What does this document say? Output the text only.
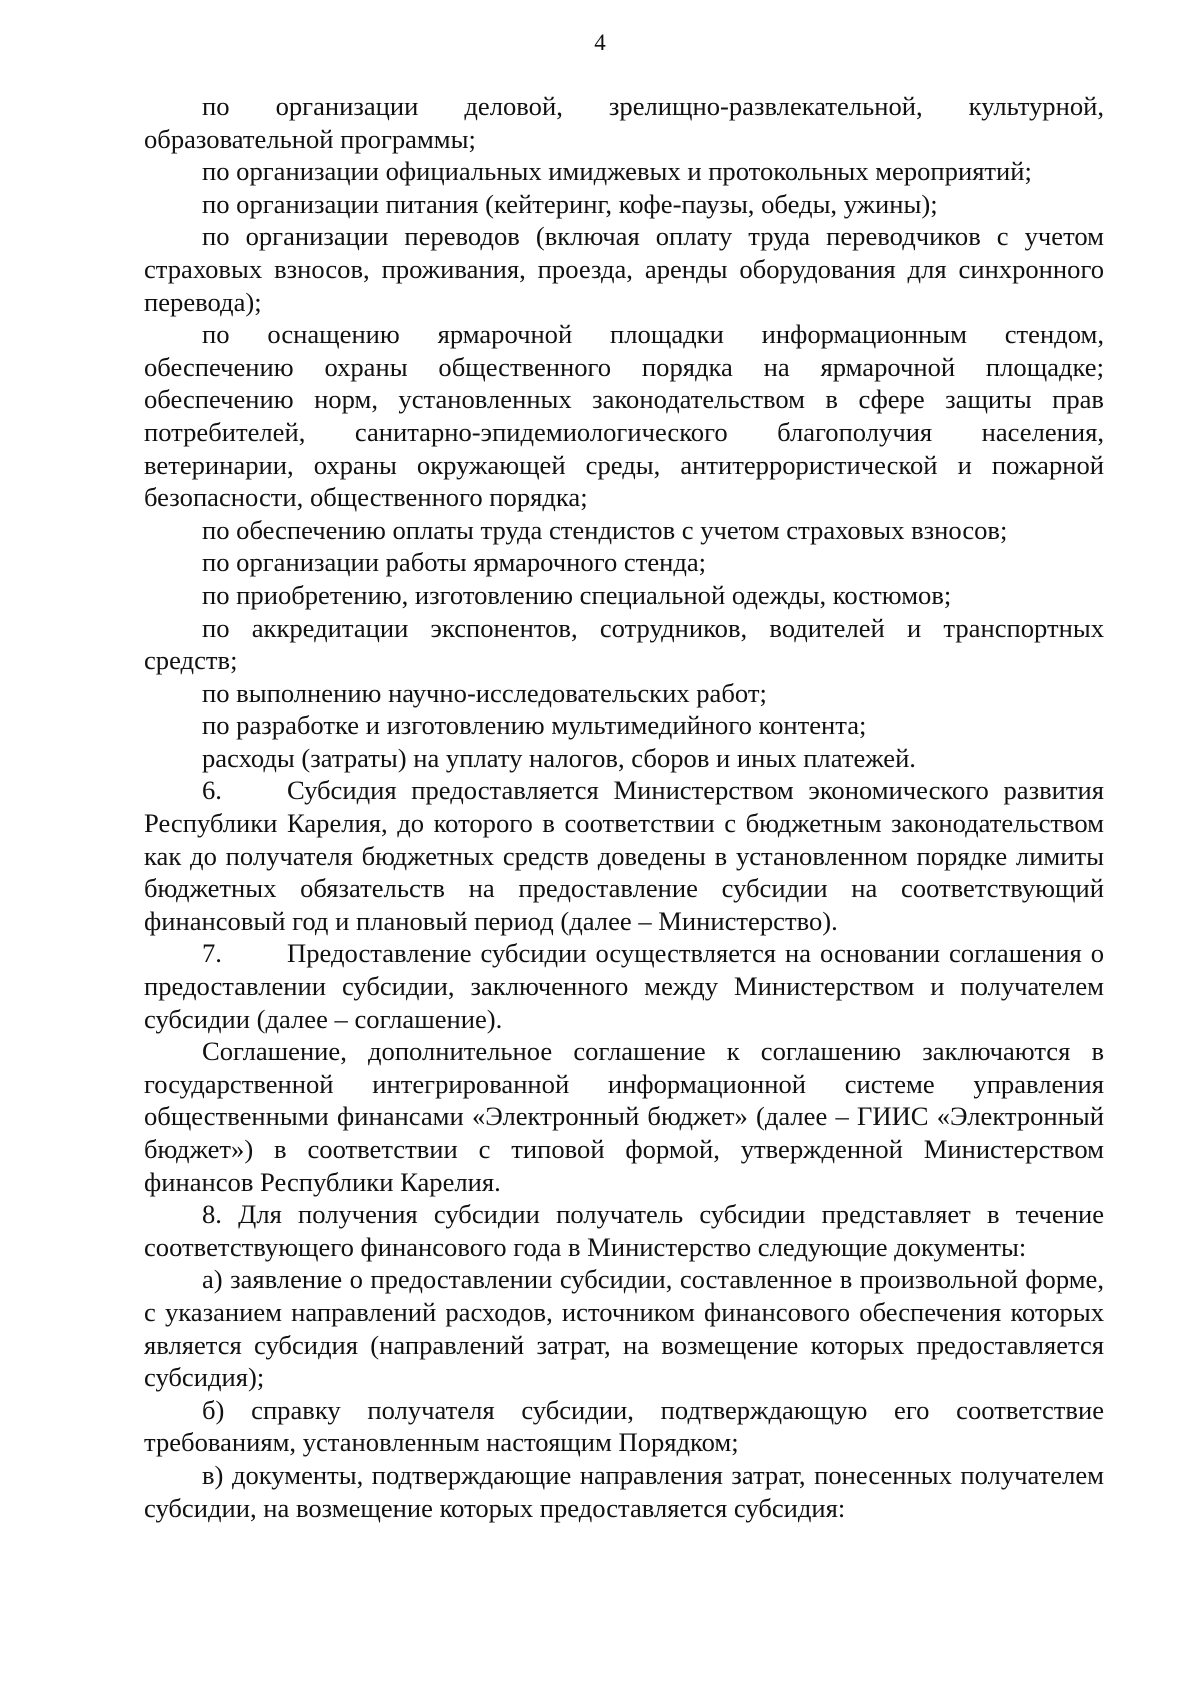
4

по организации деловой, зрелищно-развлекательной, культурной, образовательной программы;

по организации официальных имиджевых и протокольных мероприятий;

по организации питания (кейтеринг, кофе-паузы, обеды, ужины);

по организации переводов (включая оплату труда переводчиков с учетом страховых взносов, проживания, проезда, аренды оборудования для синхронного перевода);

по оснащению ярмарочной площадки информационным стендом, обеспечению охраны общественного порядка на ярмарочной площадке; обеспечению норм, установленных законодательством в сфере защиты прав потребителей, санитарно-эпидемиологического благополучия населения, ветеринарии, охраны окружающей среды, антитеррористической и пожарной безопасности, общественного порядка;

по обеспечению оплаты труда стендистов с учетом страховых взносов;

по организации работы ярмарочного стенда;

по приобретению, изготовлению специальной одежды, костюмов;

по аккредитации экспонентов, сотрудников, водителей и транспортных средств;

по выполнению научно-исследовательских работ;

по разработке и изготовлению мультимедийного контента;

расходы (затраты) на уплату налогов, сборов и иных платежей.

6. Субсидия предоставляется Министерством экономического развития Республики Карелия, до которого в соответствии с бюджетным законодательством как до получателя бюджетных средств доведены в установленном порядке лимиты бюджетных обязательств на предоставление субсидии на соответствующий финансовый год и плановый период (далее – Министерство).

7. Предоставление субсидии осуществляется на основании соглашения о предоставлении субсидии, заключенного между Министерством и получателем субсидии (далее – соглашение).

Соглашение, дополнительное соглашение к соглашению заключаются в государственной интегрированной информационной системе управления общественными финансами «Электронный бюджет» (далее – ГИИС «Электронный бюджет») в соответствии с типовой формой, утвержденной Министерством финансов Республики Карелия.

8. Для получения субсидии получатель субсидии представляет в течение соответствующего финансового года в Министерство следующие документы:

а) заявление о предоставлении субсидии, составленное в произвольной форме, с указанием направлений расходов, источником финансового обеспечения которых является субсидия (направлений затрат, на возмещение которых предоставляется субсидия);

б) справку получателя субсидии, подтверждающую его соответствие требованиям, установленным настоящим Порядком;

в) документы, подтверждающие направления затрат, понесенных получателем субсидии, на возмещение которых предоставляется субсидия:
